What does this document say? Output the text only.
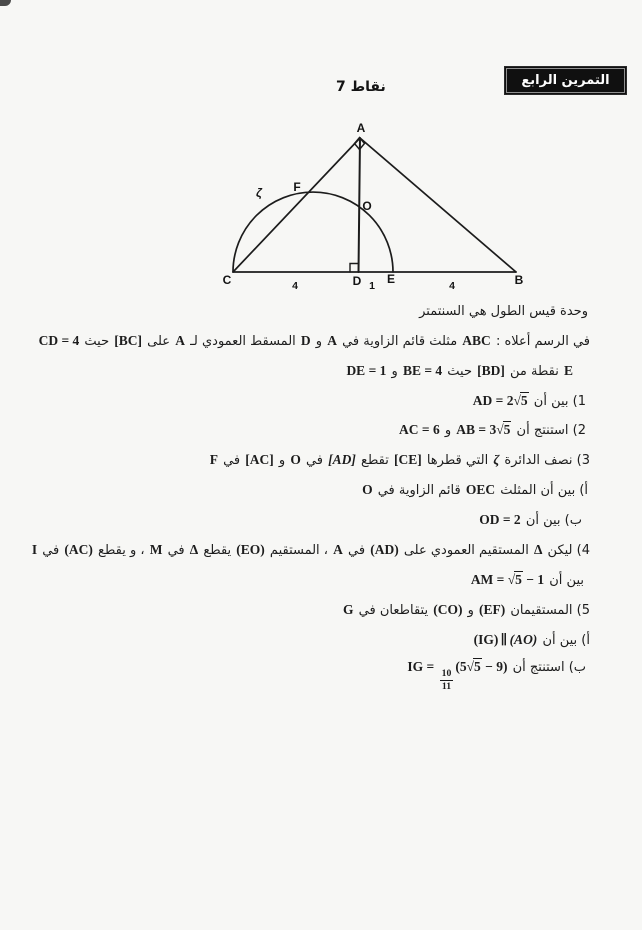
التمرين الرابع
7 نقاط
A
C	D E	B
F
O
ζ
4	1	4
وحدة قيس الطول هي السنتمتر
في الرسم أعلاه : ABC مثلث قائم الزاوية في A و D المسقط العمودي لـ A على [BC] حيث CD = 4
E نقطة من [BD] حيث BE = 4 و DE = 1
1) بين أن AD = 2√5
2) استنتج أن AB = 3√5 و AC = 6
3) نصف الدائرة ζ التي قطرها [CE] تقطع [AD] في O و [AC] في F
أ) بين أن المثلث OEC قائم الزاوية في O
ب) بين أن OD = 2
4) ليكن Δ المستقيم العمودي على (AD) في A ، المستقيم (EO) يقطع Δ في M ، و يقطع (AC) في I
بين أن AM = √5 − 1
5) المستقيمان (EF) و (CO) يتقاطعان في G
أ) بين أن (AO)∥(IG)
ب) استنتج أن IG =
$\frac{10}{11}$
(5√5 − 9)
